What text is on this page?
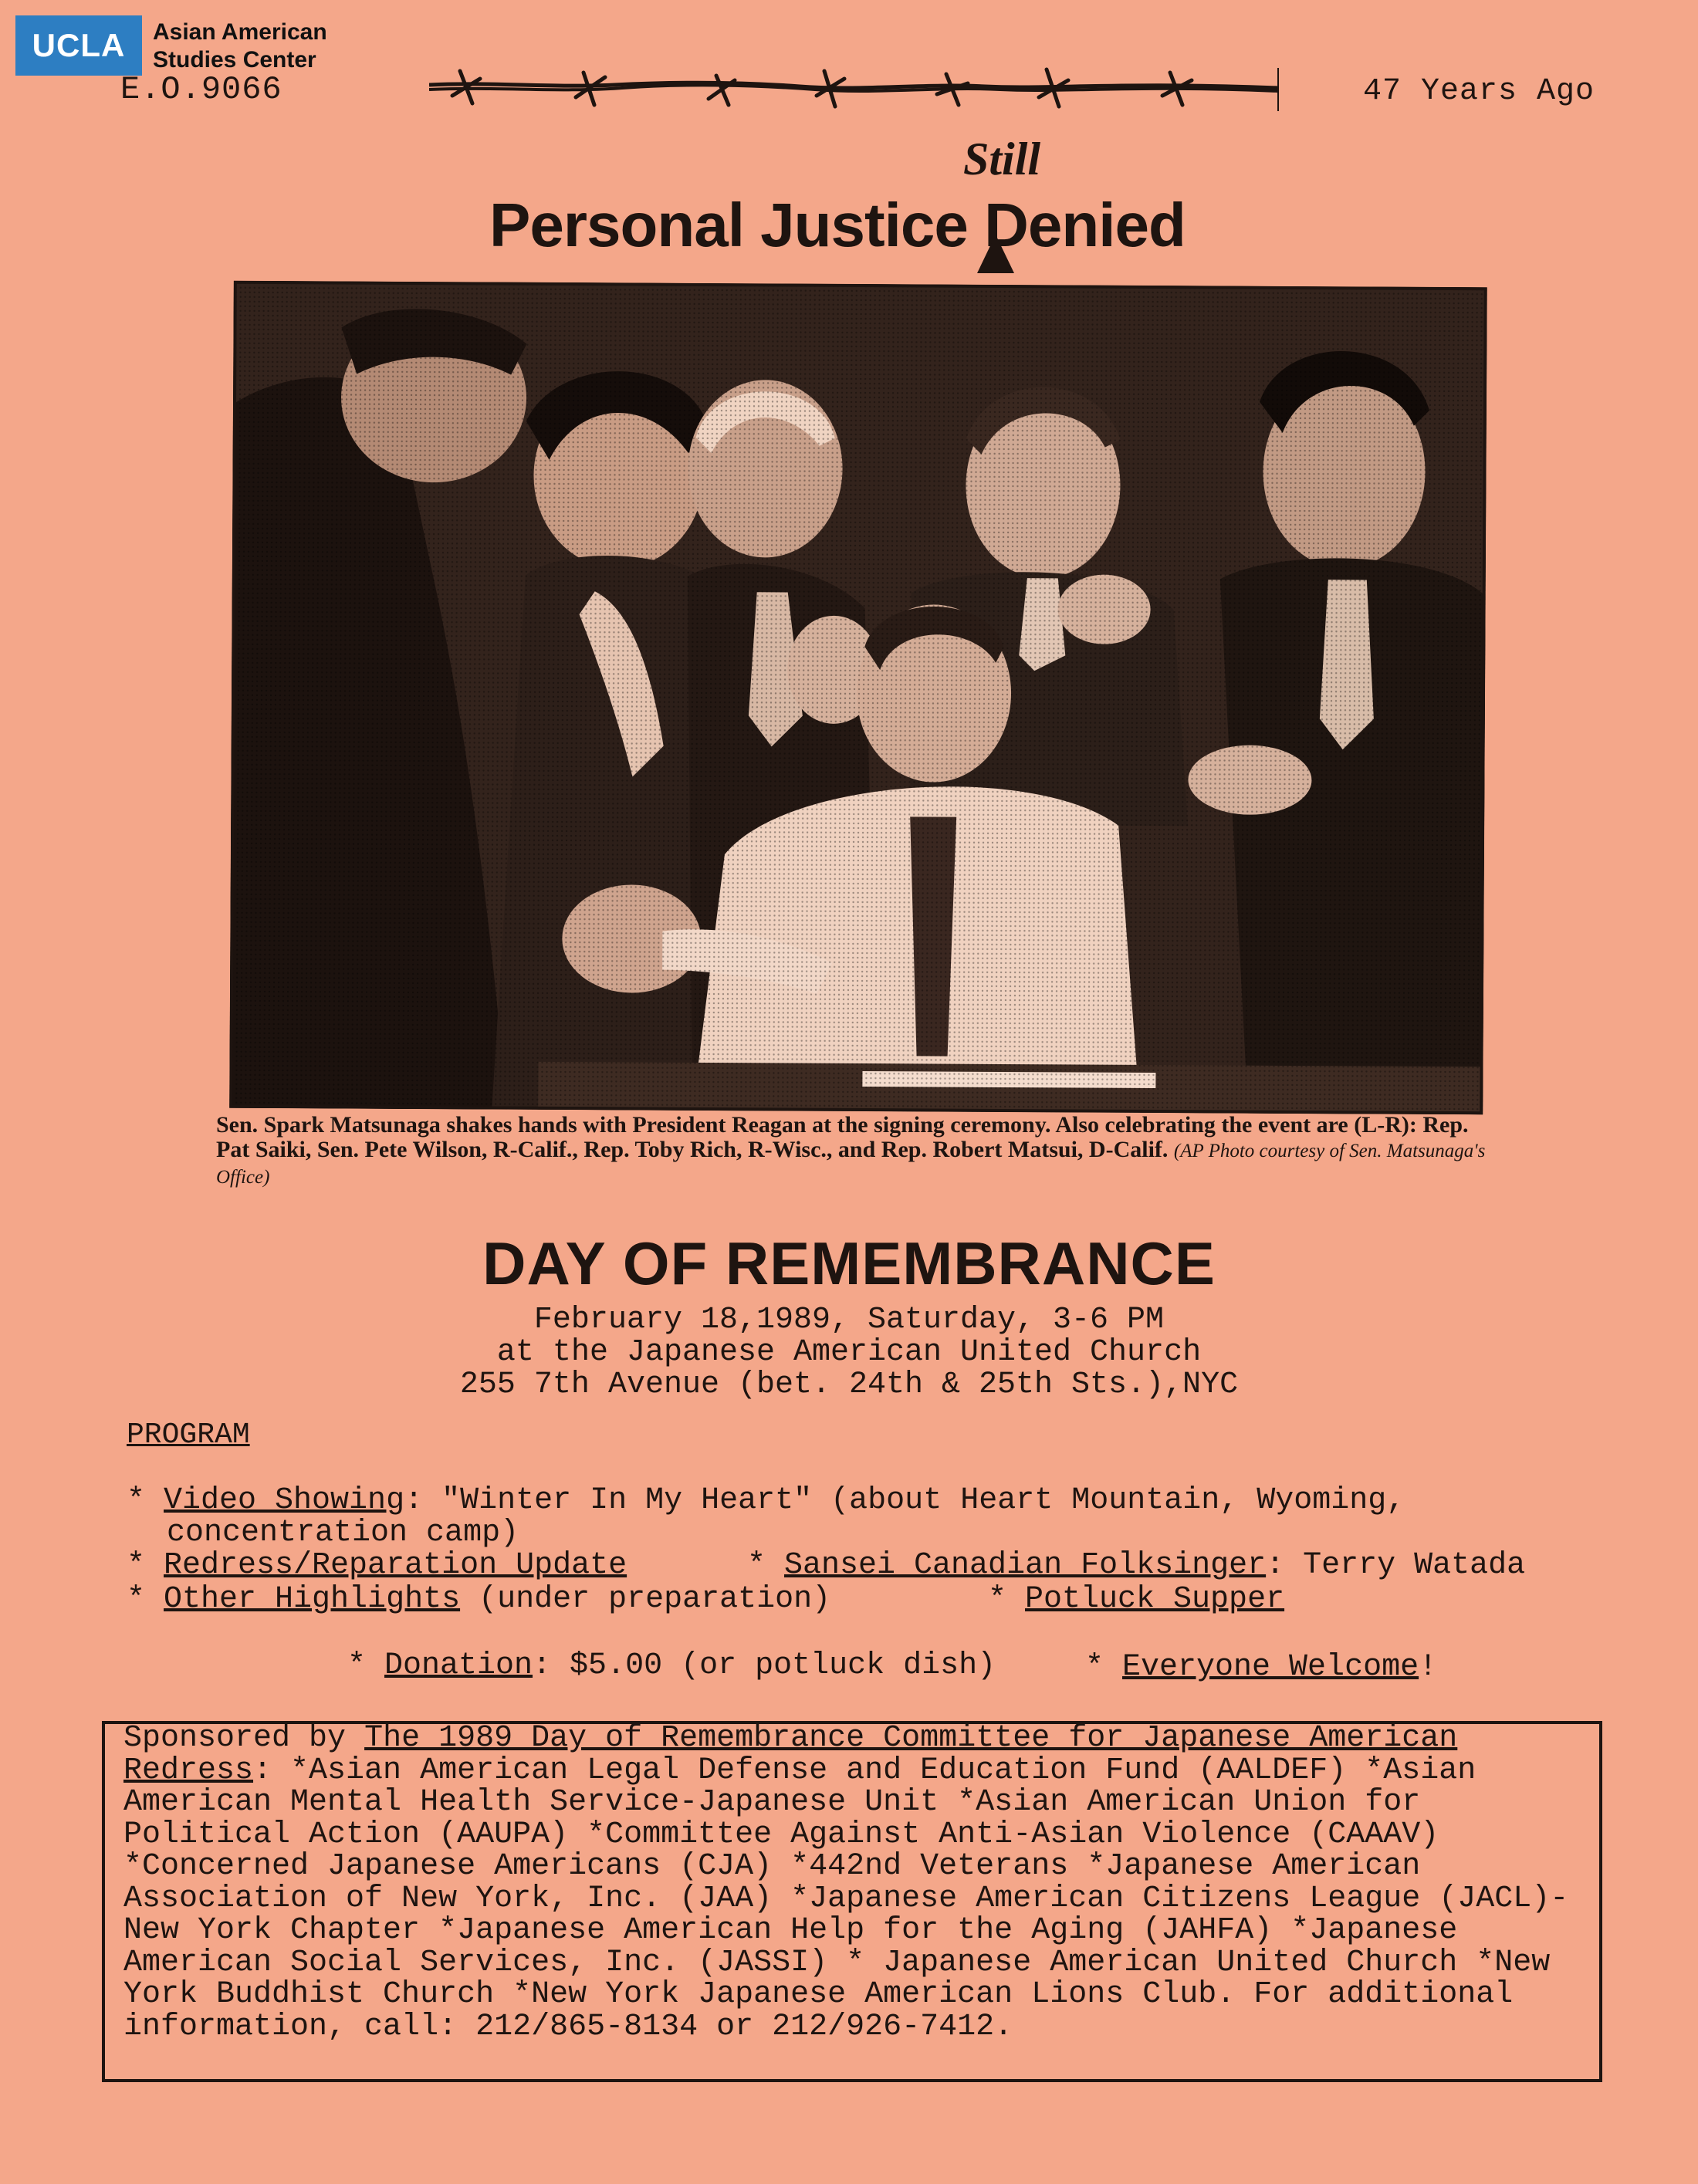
UCLA	Asian American
Studies Center
E.O.9066	47 Years Ago
Still
Personal Justice Denied
Sen. Spark Matsunaga shakes hands with President Reagan at the signing ceremony. Also celebrating the event are (L-R): Rep. Pat Saiki, Sen. Pete Wilson, R-Calif., Rep. Toby Rich, R-Wisc., and Rep. Robert Matsui, D-Calif. (AP Photo courtesy of Sen. Matsunaga's Office)
DAY OF REMEMBRANCE
February 18,1989, Saturday, 3-6 PM
at the Japanese American United Church
255 7th Avenue (bet. 24th & 25th Sts.),NYC
PROGRAM
* Video Showing: "Winter In My Heart" (about Heart Mountain, Wyoming,
concentration camp)
* Redress/Reparation Update	* Sansei Canadian Folksinger: Terry Watada
* Other Highlights (under preparation)	* Potluck Supper
* Donation: $5.00 (or potluck dish)	* Everyone Welcome!
Sponsored by The 1989 Day of Remembrance Committee for Japanese American Redress: *Asian American Legal Defense and Education Fund (AALDEF) *Asian American Mental Health Service-Japanese Unit *Asian American Union for Political Action (AAUPA) *Committee Against Anti-Asian Violence (CAAAV) *Concerned Japanese Americans (CJA) *442nd Veterans *Japanese American Association of New York, Inc. (JAA) *Japanese American Citizens League (JACL)-New York Chapter *Japanese American Help for the Aging (JAHFA) *Japanese American Social Services, Inc. (JASSI) * Japanese American United Church *New York Buddhist Church *New York Japanese American Lions Club. For additional information, call: 212/865-8134 or 212/926-7412.
